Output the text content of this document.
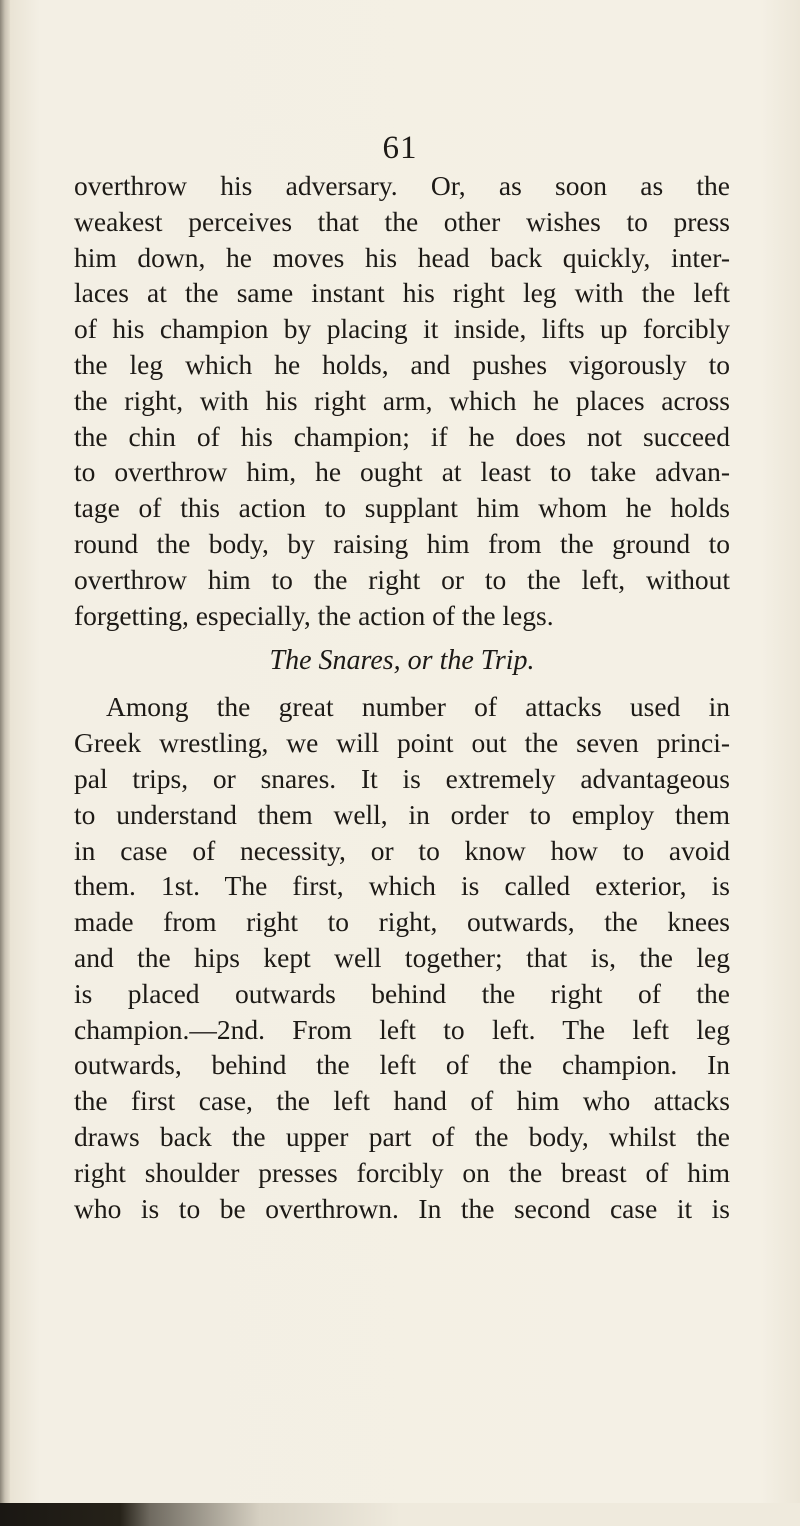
61
overthrow his adversary. Or, as soon as the
weakest perceives that the other wishes to press
him down, he moves his head back quickly, inter-
laces at the same instant his right leg with the left
of his champion by placing it inside, lifts up forcibly
the leg which he holds, and pushes vigorously to
the right, with his right arm, which he places across
the chin of his champion; if he does not succeed
to overthrow him, he ought at least to take advan-
tage of this action to supplant him whom he holds
round the body, by raising him from the ground to
overthrow him to the right or to the left, without
forgetting, especially, the action of the legs.
The Snares, or the Trip.
Among the great number of attacks used in
Greek wrestling, we will point out the seven princi-
pal trips, or snares. It is extremely advantageous
to understand them well, in order to employ them
in case of necessity, or to know how to avoid
them. 1st. The first, which is called exterior, is
made from right to right, outwards, the knees
and the hips kept well together; that is, the leg
is placed outwards behind the right of the
champion.—2nd. From left to left. The left leg
outwards, behind the left of the champion. In
the first case, the left hand of him who attacks
draws back the upper part of the body, whilst the
right shoulder presses forcibly on the breast of him
who is to be overthrown. In the second case it is
